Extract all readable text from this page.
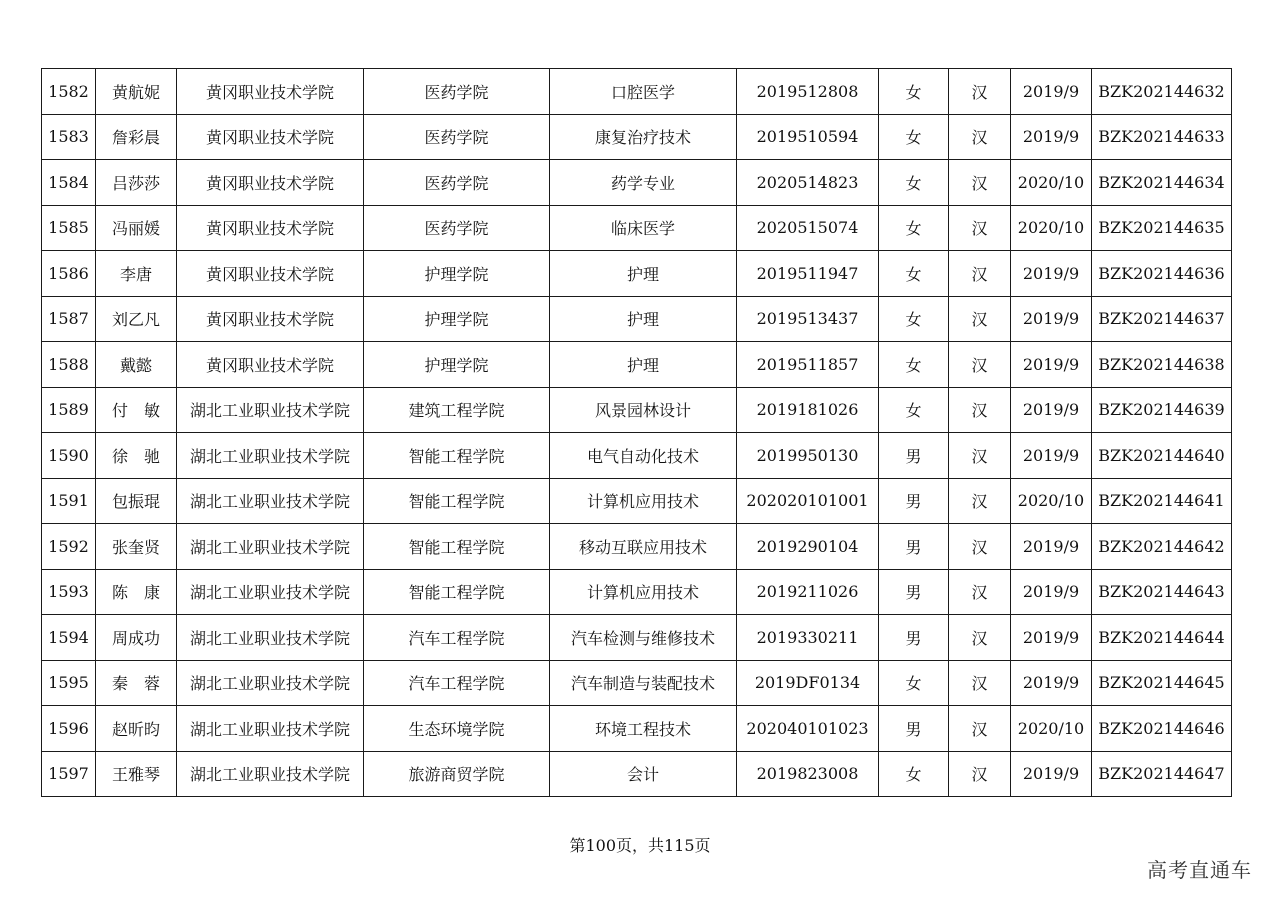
1582	黄航妮	黄冈职业技术学院	医药学院	口腔医学	2019512808	女	汉	2019/9	BZK202144632
1583	詹彩晨	黄冈职业技术学院	医药学院	康复治疗技术	2019510594	女	汉	2019/9	BZK202144633
1584	吕莎莎	黄冈职业技术学院	医药学院	药学专业	2020514823	女	汉	2020/10	BZK202144634
1585	冯丽媛	黄冈职业技术学院	医药学院	临床医学	2020515074	女	汉	2020/10	BZK202144635
1586	李唐	黄冈职业技术学院	护理学院	护理	2019511947	女	汉	2019/9	BZK202144636
1587	刘乙凡	黄冈职业技术学院	护理学院	护理	2019513437	女	汉	2019/9	BZK202144637
1588	戴懿	黄冈职业技术学院	护理学院	护理	2019511857	女	汉	2019/9	BZK202144638
1589	付　敏	湖北工业职业技术学院	建筑工程学院	风景园林设计	2019181026	女	汉	2019/9	BZK202144639
1590	徐　驰	湖北工业职业技术学院	智能工程学院	电气自动化技术	2019950130	男	汉	2019/9	BZK202144640
1591	包振琨	湖北工业职业技术学院	智能工程学院	计算机应用技术	202020101001	男	汉	2020/10	BZK202144641
1592	张奎贤	湖北工业职业技术学院	智能工程学院	移动互联应用技术	2019290104	男	汉	2019/9	BZK202144642
1593	陈　康	湖北工业职业技术学院	智能工程学院	计算机应用技术	2019211026	男	汉	2019/9	BZK202144643
1594	周成功	湖北工业职业技术学院	汽车工程学院	汽车检测与维修技术	2019330211	男	汉	2019/9	BZK202144644
1595	秦　蓉	湖北工业职业技术学院	汽车工程学院	汽车制造与装配技术	2019DF0134	女	汉	2019/9	BZK202144645
1596	赵昕昀	湖北工业职业技术学院	生态环境学院	环境工程技术	202040101023	男	汉	2020/10	BZK202144646
1597	王雅琴	湖北工业职业技术学院	旅游商贸学院	会计	2019823008	女	汉	2019/9	BZK202144647
第100页，共115页
高考直通车
